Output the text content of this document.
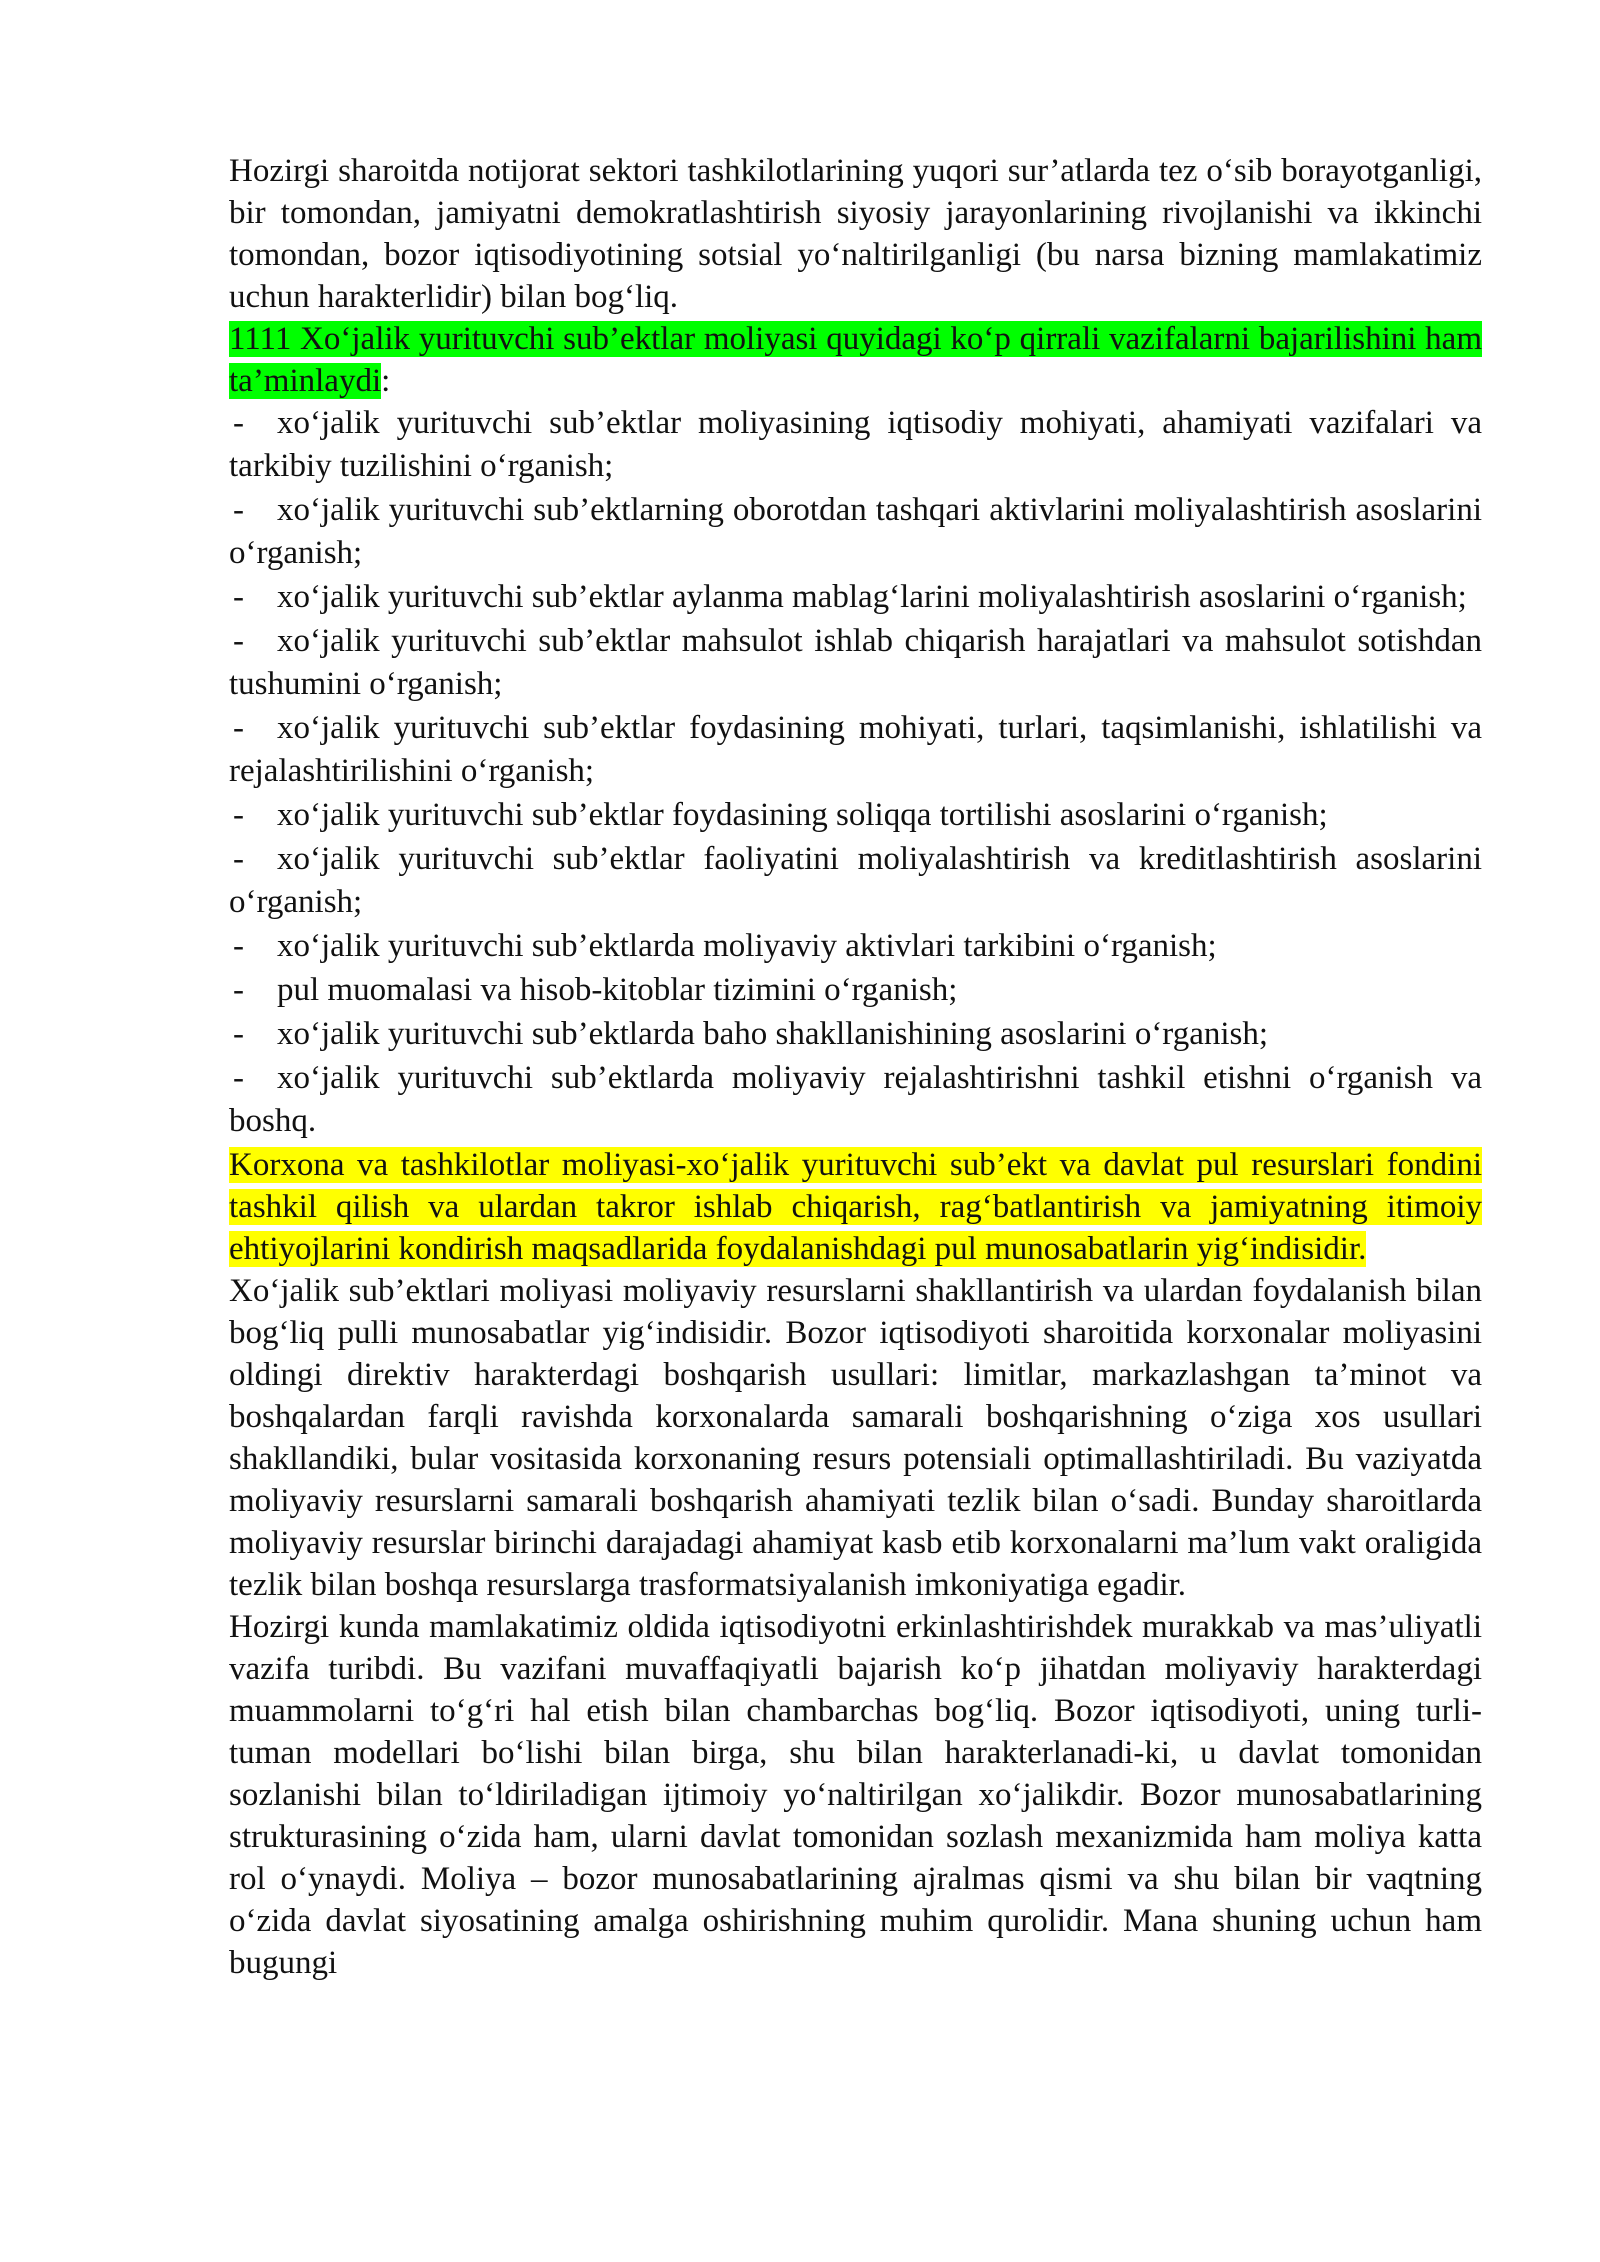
Hozirgi sharoitda notijorat sektori tashkilotlarining yuqori sur’atlarda tez o‘sib borayotganligi, bir tomondan, jamiyatni demokratlashtirish siyosiy jarayonlarining rivojlanishi va ikkinchi tomondan, bozor iqtisodiyotining sotsial yo‘naltirilganligi (bu narsa bizning mamlakatimiz uchun harakterlidir) bilan bog‘liq.

1111 Xo‘jalik yurituvchi sub’ektlar moliyasi quyidagi ko‘p qirrali vazifalarni bajarilishini ham ta’minlaydi:

- xo‘jalik yurituvchi sub’ektlar moliyasining iqtisodiy mohiyati, ahamiyati vazifalari va tarkibiy tuzilishini o‘rganish;
- xo‘jalik yurituvchi sub’ektlarning oborotdan tashqari aktivlarini moliyalashtirish asoslarini o‘rganish;
- xo‘jalik yurituvchi sub’ektlar aylanma mablag‘larini moliyalashtirish asoslarini o‘rganish;
- xo‘jalik yurituvchi sub’ektlar mahsulot ishlab chiqarish harajatlari va mahsulot sotishdan tushumini o‘rganish;
- xo‘jalik yurituvchi sub’ektlar foydasining mohiyati, turlari, taqsimlanishi, ishlatilishi va rejalashtirilishini o‘rganish;
- xo‘jalik yurituvchi sub’ektlar foydasining soliqqa tortilishi asoslarini o‘rganish;
- xo‘jalik yurituvchi sub’ektlar faoliyatini moliyalashtirish va kreditlashtirish asoslarini o‘rganish;
- xo‘jalik yurituvchi sub’ektlarda moliyaviy aktivlari tarkibini o‘rganish;
- pul muomalasi va hisob-kitoblar tizimini o‘rganish;
- xo‘jalik yurituvchi sub’ektlarda baho shakllanishining asoslarini o‘rganish;
- xo‘jalik yurituvchi sub’ektlarda moliyaviy rejalashtirishni tashkil etishni o‘rganish va boshq.

Korxona va tashkilotlar moliyasi-xo‘jalik yurituvchi sub’ekt va davlat pul resurslari fondini tashkil qilish va ulardan takror ishlab chiqarish, rag‘batlantirish va jamiyatning itimoiy ehtiyojlarini kondirish maqsadlarida foydalanishdagi pul munosabatlarin yig‘indisidir.

Xo‘jalik sub’ektlari moliyasi moliyaviy resurslarni shakllantirish va ulardan foydalanish bilan bog‘liq pulli munosabatlar yig‘indisidir. Bozor iqtisodiyoti sharoitida korxonalar moliyasini oldingi direktiv harakterdagi boshqarish usullari: limitlar, markazlashgan ta’minot va boshqalardan farqli ravishda korxonalarda samarali boshqarishning o‘ziga xos usullari shakllandiki, bular vositasida korxonaning resurs potensiali optimallashtiriladi. Bu vaziyatda moliyaviy resurslarni samarali boshqarish ahamiyati tezlik bilan o‘sadi. Bunday sharoitlarda moliyaviy resurslar birinchi darajadagi ahamiyat kasb etib korxonalarni ma’lum vakt oraligida tezlik bilan boshqa resurslarga trasformatsiyalanish imkoniyatiga egadir.

Hozirgi kunda mamlakatimiz oldida iqtisodiyotni erkinlashtirishdek murakkab va mas’uliyatli vazifa turibdi. Bu vazifani muvaffaqiyatli bajarish ko‘p jihatdan moliyaviy harakterdagi muammolarni to‘g‘ri hal etish bilan chambarchas bog‘liq. Bozor iqtisodiyoti, uning turli-tuman modellari bo‘lishi bilan birga, shu bilan harakterlanadi-ki, u davlat tomonidan sozlanishi bilan to‘ldiriladigan ijtimoiy yo‘naltirilgan xo‘jalikdir. Bozor munosabatlarining strukturasining o‘zida ham, ularni davlat tomonidan sozlash mexanizmida ham moliya katta rol o‘ynaydi. Moliya – bozor munosabatlarining ajralmas qismi va shu bilan bir vaqtning o‘zida davlat siyosatining amalga oshirishning muhim qurolidir. Mana shuning uchun ham bugungi
